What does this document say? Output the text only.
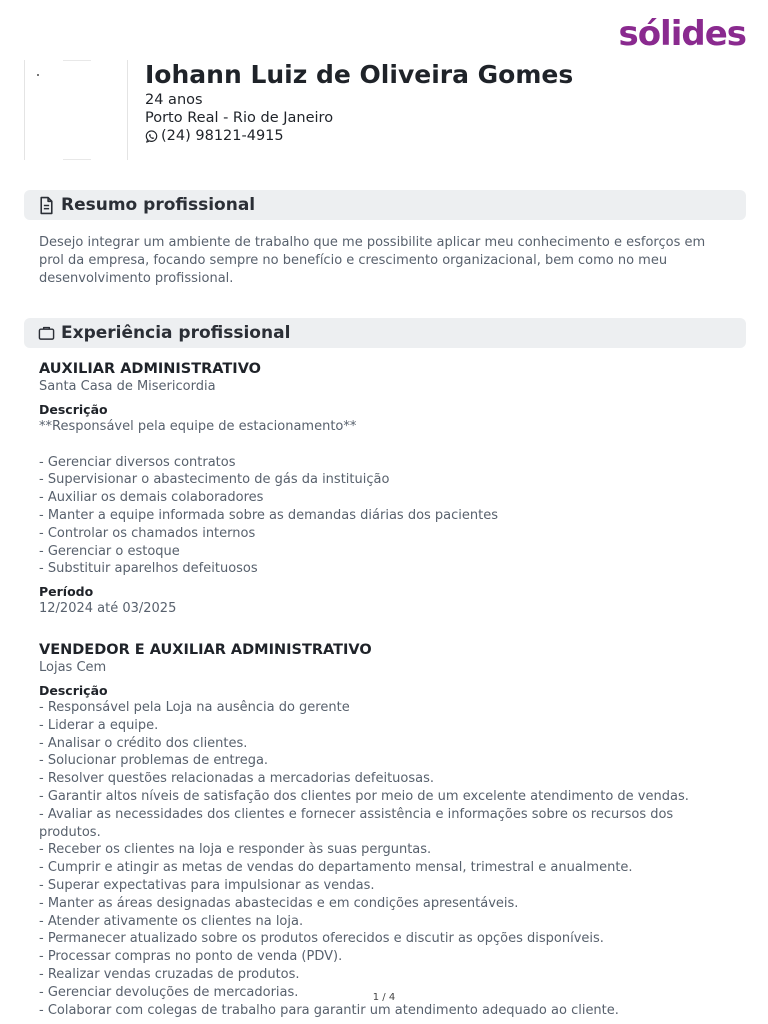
sólides
Iohann Luiz de Oliveira Gomes
24 anos
Porto Real - Rio de Janeiro
(24) 98121-4915
Resumo profissional

Desejo integrar um ambiente de trabalho que me possibilite aplicar meu conhecimento e esforços em prol da empresa, focando sempre no benefício e crescimento organizacional, bem como no meu desenvolvimento profissional.

Experiência profissional
AUXILIAR ADMINISTRATIVO
Santa Casa de Misericordia
Descrição
**Responsável pela equipe de estacionamento**
- Gerenciar diversos contratos
- Supervisionar o abastecimento de gás da instituição
- Auxiliar os demais colaboradores
- Manter a equipe informada sobre as demandas diárias dos pacientes
- Controlar os chamados internos
- Gerenciar o estoque
- Substituir aparelhos defeituosos
Período
12/2024 até 03/2025
VENDEDOR E AUXILIAR ADMINISTRATIVO
Lojas Cem
Descrição
- Responsável pela Loja na ausência do gerente
- Liderar a equipe.
- Analisar o crédito dos clientes.
- Solucionar problemas de entrega.
- Resolver questões relacionadas a mercadorias defeituosas.
- Garantir altos níveis de satisfação dos clientes por meio de um excelente atendimento de vendas.
- Avaliar as necessidades dos clientes e fornecer assistência e informações sobre os recursos dos
produtos.
- Receber os clientes na loja e responder às suas perguntas.
- Cumprir e atingir as metas de vendas do departamento mensal, trimestral e anualmente.
- Superar expectativas para impulsionar as vendas.
- Manter as áreas designadas abastecidas e em condições apresentáveis.
- Atender ativamente os clientes na loja.
- Permanecer atualizado sobre os produtos oferecidos e discutir as opções disponíveis.
- Processar compras no ponto de venda (PDV).
- Realizar vendas cruzadas de produtos.
- Gerenciar devoluções de mercadorias.
- Colaborar com colegas de trabalho para garantir um atendimento adequado ao cliente.
1 / 4
